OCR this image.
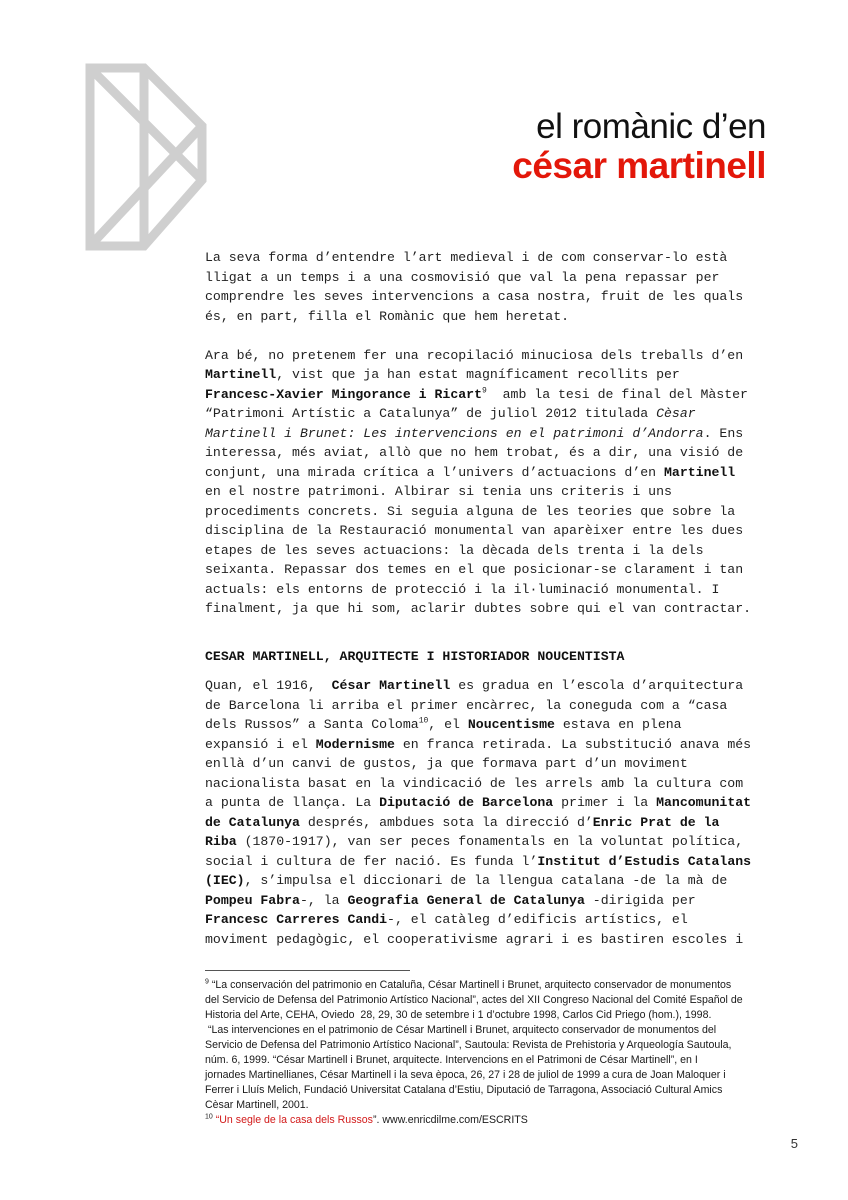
el romànic d’en
césar martinell

La seva forma d’entendre l’art medieval i de com conservar-lo està

lligat a un temps i a una cosmovisió que val la pena repassar per

comprendre les seves intervencions a casa nostra, fruit de les quals

és, en part, filla el Romànic que hem heretat.

Ara bé, no pretenem fer una recopilació minuciosa dels treballs d’en

Martinell, vist que ja han estat magníficament recollits per

Francesc-Xavier Mingorance i Ricart$^9$  amb la tesi de final del Màster

“Patrimoni Artístic a Catalunya” de juliol 2012 titulada Cèsar

Martinell i Brunet: Les intervencions en el patrimoni d’Andorra. Ens

interessa, més aviat, allò que no hem trobat, és a dir, una visió de

conjunt, una mirada crítica a l’univers d’actuacions d’en Martinell

en el nostre patrimoni. Albirar si tenia uns criteris i uns

procediments concrets. Si seguia alguna de les teories que sobre la

disciplina de la Restauració monumental van aparèixer entre les dues

etapes de les seves actuacions: la dècada dels trenta i la dels

seixanta. Repassar dos temes en el que posicionar-se clarament i tan

actuals: els entorns de protecció i la il·luminació monumental. I

finalment, ja que hi som, aclarir dubtes sobre qui el van contractar.

CESAR MARTINELL, ARQUITECTE I HISTORIADOR NOUCENTISTA

Quan, el 1916,  César Martinell es gradua en l’escola d’arquitectura

de Barcelona li arriba el primer encàrrec, la coneguda com a “casa

dels Russos” a Santa Coloma$^{10}$, el Noucentisme estava en plena

expansió i el Modernisme en franca retirada. La substitució anava més

enllà d’un canvi de gustos, ja que formava part d’un moviment

nacionalista basat en la vindicació de les arrels amb la cultura com

a punta de llança. La Diputació de Barcelona primer i la Mancomunitat

de Catalunya després, ambdues sota la direcció d’Enric Prat de la

Riba (1870-1917), van ser peces fonamentals en la voluntat política,

social i cultura de fer nació. Es funda l’Institut d’Estudis Catalans

(IEC), s’impulsa el diccionari de la llengua catalana -de la mà de

Pompeu Fabra-, la Geografia General de Catalunya -dirigida per

Francesc Carreres Candi-, el catàleg d’edificis artístics, el

moviment pedagògic, el cooperativisme agrari i es bastiren escoles i

$^9$ “La conservación del patrimonio en Cataluña, César Martinell i Brunet, arquitecto conservador de monumentos

del Servicio de Defensa del Patrimonio Artístico Nacional”, actes del XII Congreso Nacional del Comité Español de

Historia del Arte, CEHA, Oviedo  28, 29, 30 de setembre i 1 d’octubre 1998, Carlos Cid Priego (hom.), 1998.

“Las intervenciones en el patrimonio de César Martinell i Brunet, arquitecto conservador de monumentos del

Servicio de Defensa del Patrimonio Artístico Nacional”, Sautoula: Revista de Prehistoria y Arqueología Sautoula,

núm. 6, 1999. “César Martinell i Brunet, arquitecte. Intervencions en el Patrimoni de César Martinell”, en I

jornades Martinellianes, César Martinell i la seva època, 26, 27 i 28 de juliol de 1999 a cura de Joan Maloquer i

Ferrer i Lluís Melich, Fundació Universitat Catalana d’Estiu, Diputació de Tarragona, Associació Cultural Amics

Cèsar Martinell, 2001.

$^{10}$ “Un segle de la casa dels Russos”. www.enricdilme.com/ESCRITS

5
